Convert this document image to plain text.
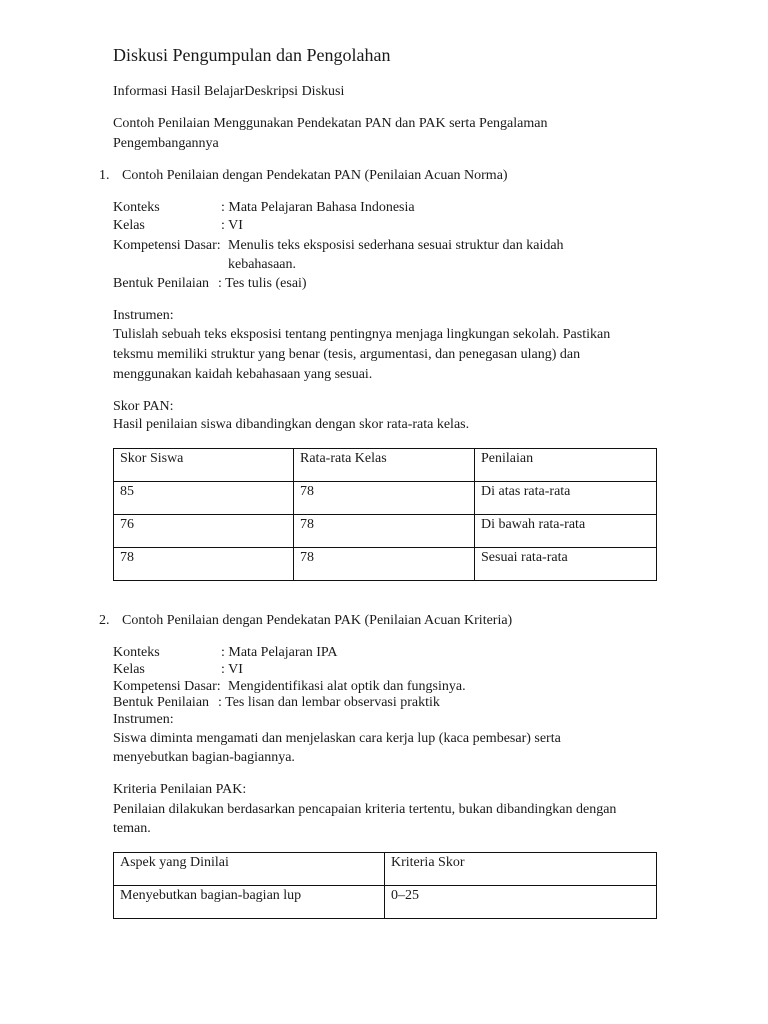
Diskusi Pengumpulan dan Pengolahan
Informasi Hasil BelajarDeskripsi Diskusi
Contoh Penilaian Menggunakan Pendekatan PAN dan PAK serta Pengalaman
Pengembangannya
1. Contoh Penilaian dengan Pendekatan PAN (Penilaian Acuan Norma)
Konteks	: Mata Pelajaran Bahasa Indonesia
Kelas	: VI
Kompetensi Dasar: Menulis teks eksposisi sederhana sesuai struktur dan kaidah
kebahasaan.
Bentuk Penilaian : Tes tulis (esai)
Instrumen:
Tulislah sebuah teks eksposisi tentang pentingnya menjaga lingkungan sekolah. Pastikan
teksmu memiliki struktur yang benar (tesis, argumentasi, dan penegasan ulang) dan
menggunakan kaidah kebahasaan yang sesuai.
Skor PAN:
Hasil penilaian siswa dibandingkan dengan skor rata-rata kelas.
Skor Siswa	Rata-rata Kelas	Penilaian
85	78	Di atas rata-rata
76	78	Di bawah rata-rata
78	78	Sesuai rata-rata
2. Contoh Penilaian dengan Pendekatan PAK (Penilaian Acuan Kriteria)
Konteks	: Mata Pelajaran IPA
Kelas	: VI
Kompetensi Dasar: Mengidentifikasi alat optik dan fungsinya.
Bentuk Penilaian : Tes lisan dan lembar observasi praktik
Instrumen:
Siswa diminta mengamati dan menjelaskan cara kerja lup (kaca pembesar) serta
menyebutkan bagian-bagiannya.
Kriteria Penilaian PAK:
Penilaian dilakukan berdasarkan pencapaian kriteria tertentu, bukan dibandingkan dengan
teman.
Aspek yang Dinilai	Kriteria Skor
Menyebutkan bagian-bagian lup	0–25
